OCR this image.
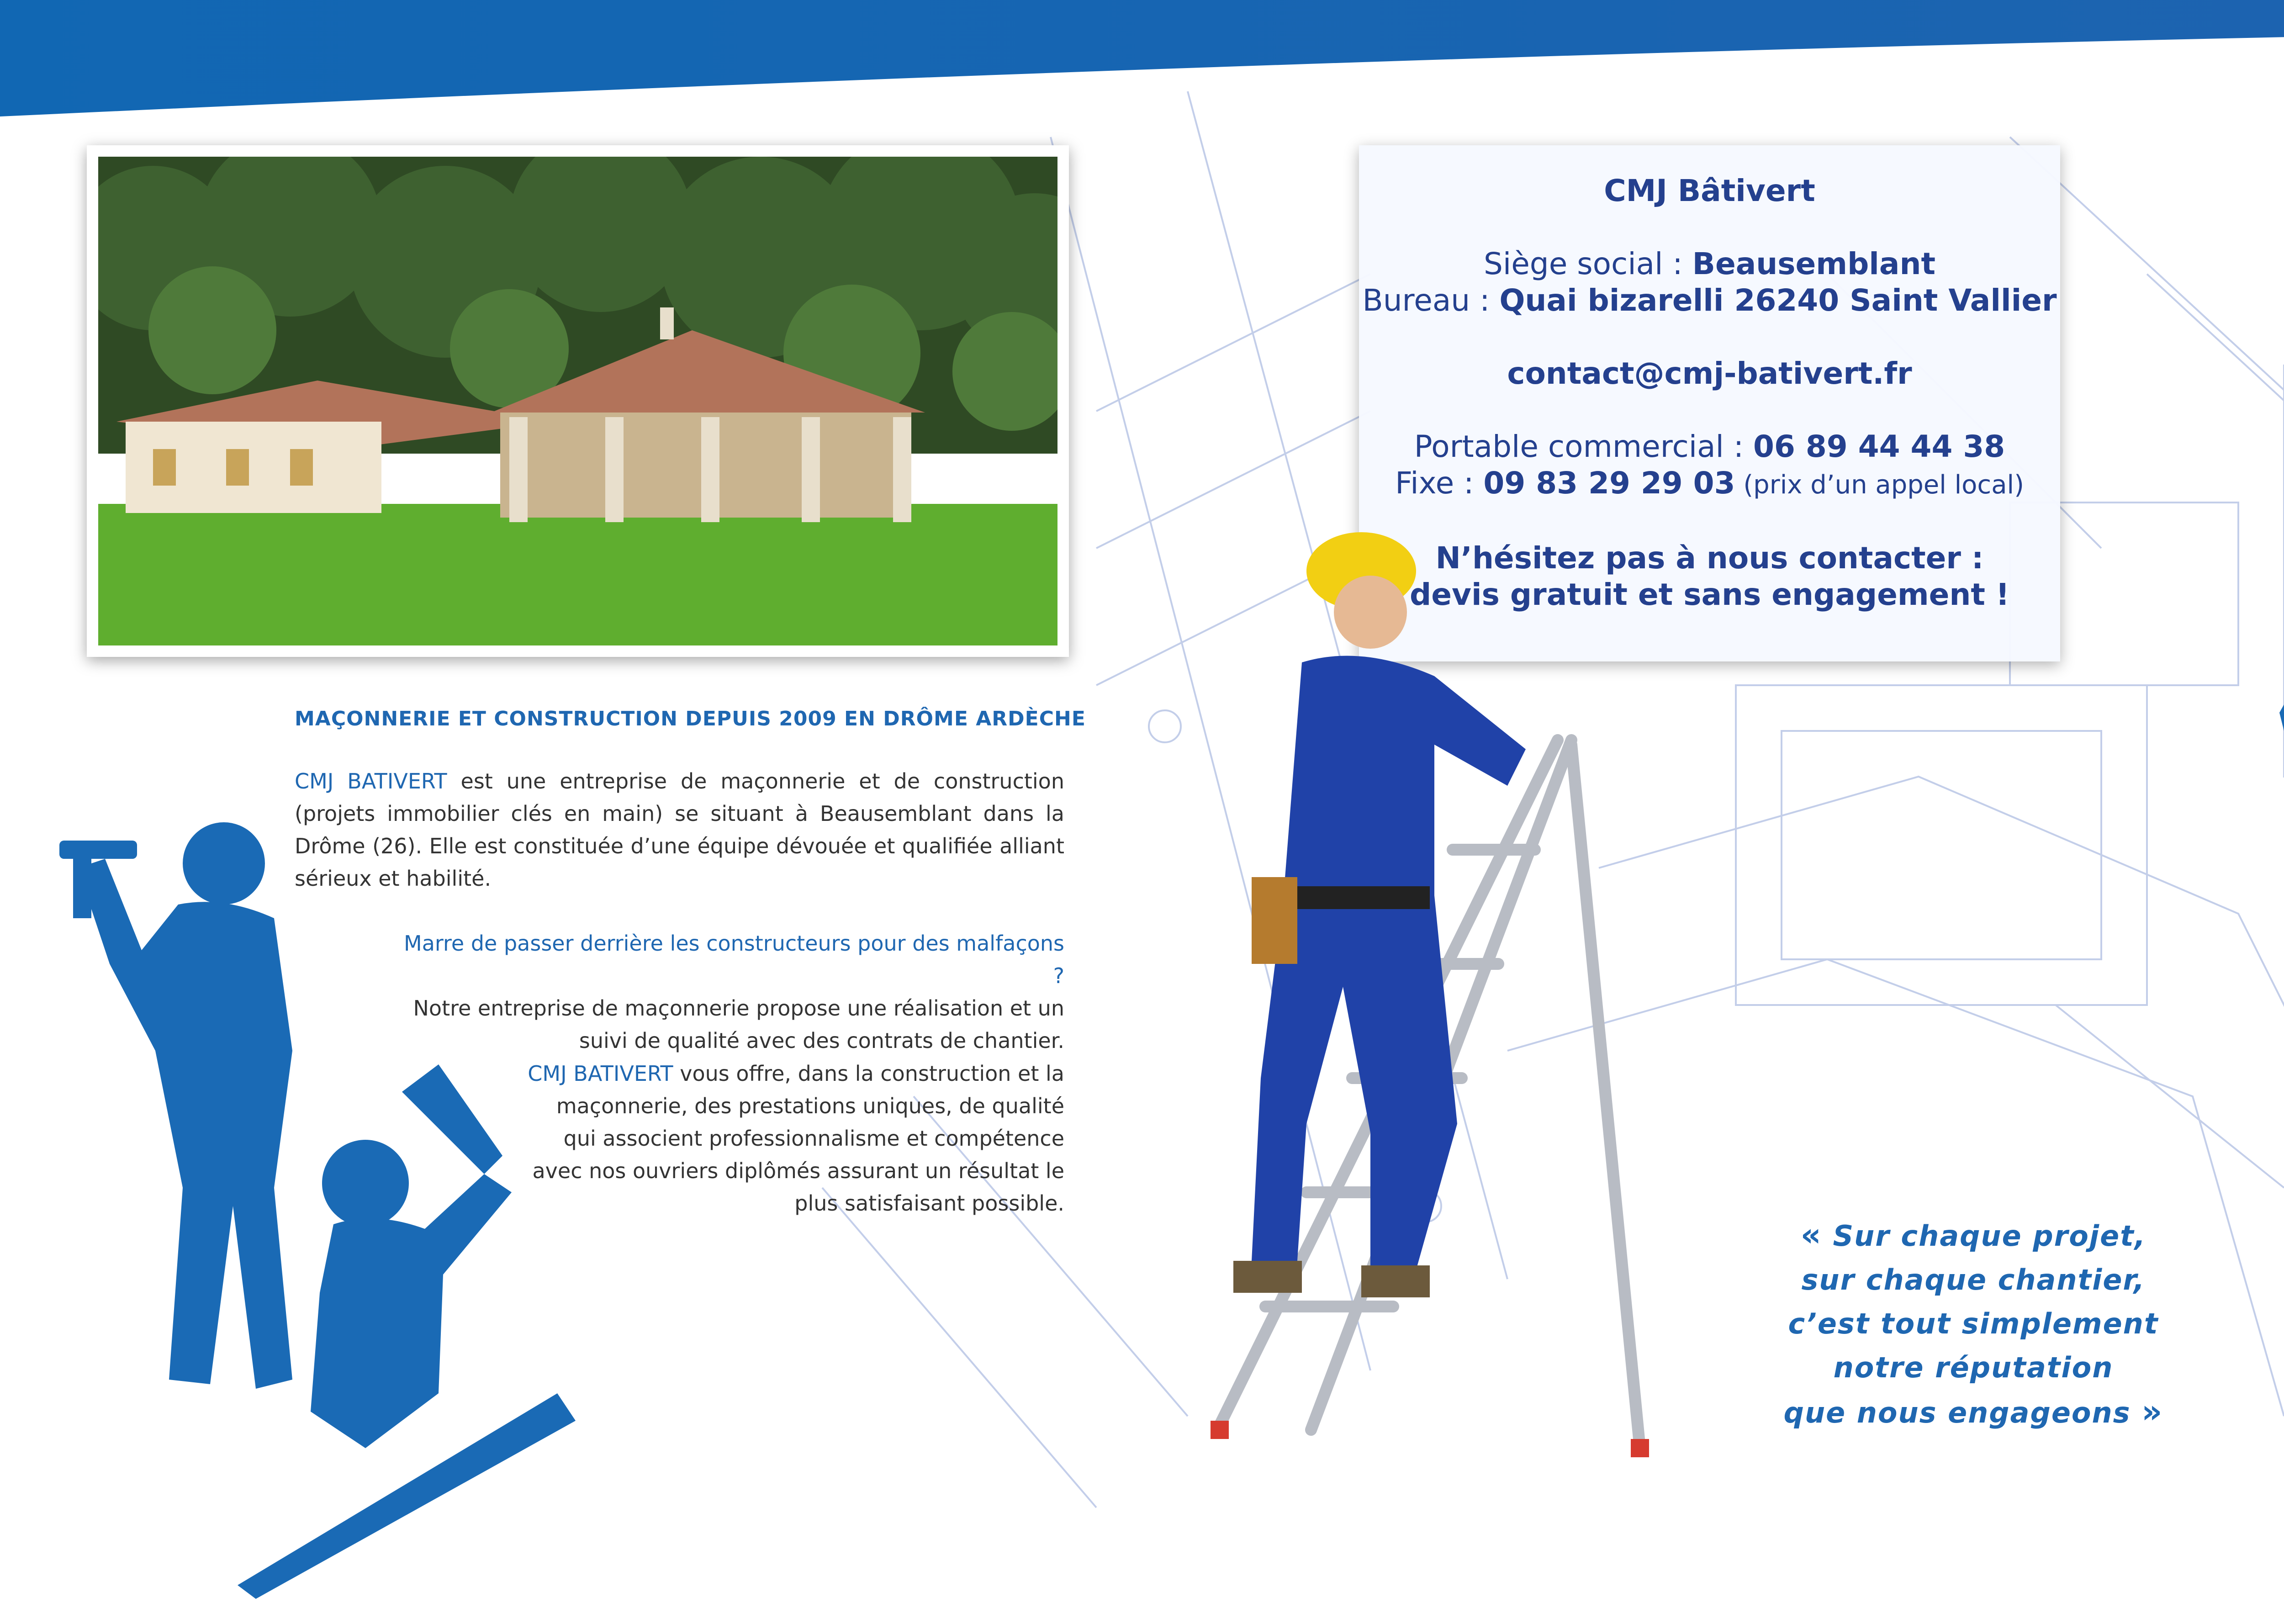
CMJ Bâtivert
Siège social : Beausemblant
Bureau : Quai bizarelli 26240 Saint Vallier
contact@cmj-bativert.fr
Portable commercial : 06 89 44 44 38
Fixe : 09 83 29 29 03 (prix d’un appel local)
N’hésitez pas à nous contacter :
devis gratuit et sans engagement !
MAÇONNERIE ET CONSTRUCTION DEPUIS 2009 EN DRÔME ARDÈCHE
CMJ BATIVERT est une entreprise de maçonnerie et de construction (projets immobilier clés en main) se situant à Beausemblant dans la Drôme (26). Elle est constituée d’une équipe dévouée et qualifiée alliant sérieux et habilité.
Marre de passer derrière les constructeurs pour des malfaçons ?
Notre entreprise de maçonnerie propose une réalisation et un suivi de qualité avec des contrats de chantier.
CMJ BATIVERT vous offre, dans la construction et la maçonnerie, des prestations uniques, de qualité qui associent professionnalisme et compétence avec nos ouvriers diplômés assurant un résultat le plus satisfaisant possible.
« Sur chaque projet,
sur chaque chantier,
c’est tout simplement
notre réputation
que nous engageons »
